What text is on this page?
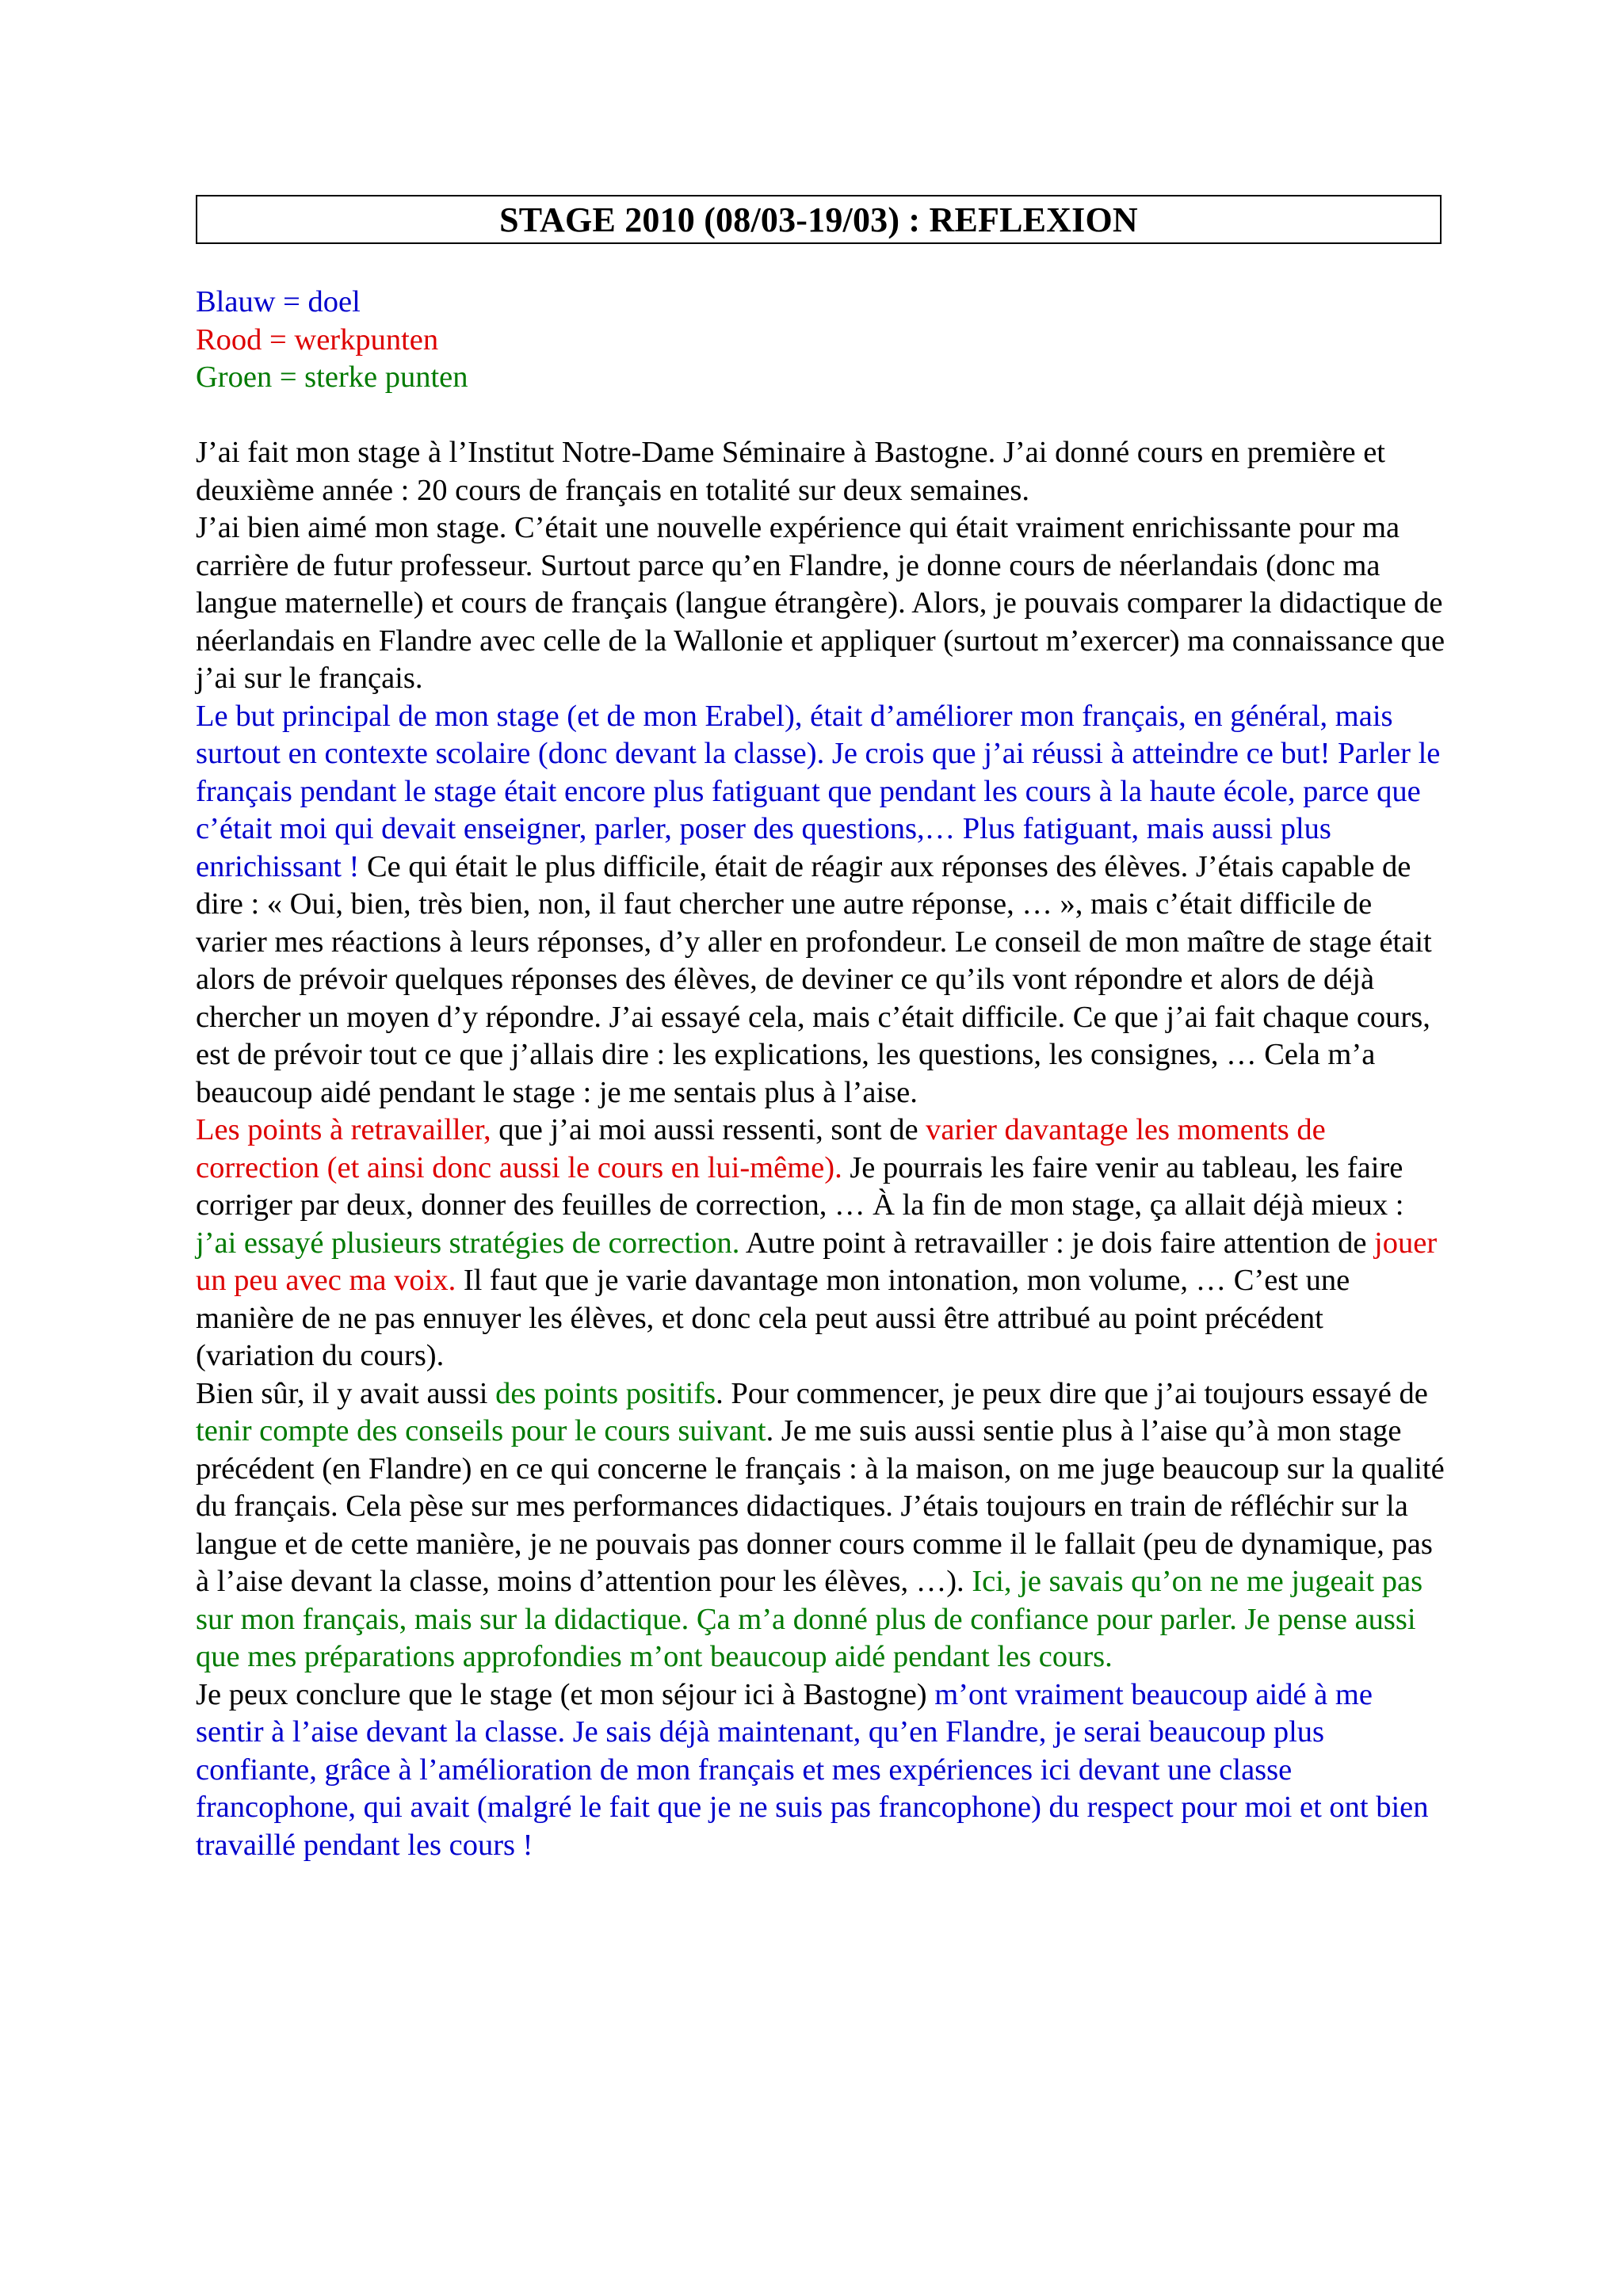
STAGE 2010 (08/03-19/03) : REFLEXION
Blauw = doel
Rood = werkpunten
Groen = sterke punten

J’ai fait mon stage à l’Institut Notre-Dame Séminaire à Bastogne. J’ai donné cours en première et deuxième année : 20 cours de français en totalité sur deux semaines.

J’ai bien aimé mon stage. C’était une nouvelle expérience qui était vraiment enrichissante pour ma carrière de futur professeur. Surtout parce qu’en Flandre, je donne cours de néerlandais (donc ma langue maternelle) et cours de français (langue étrangère). Alors, je pouvais comparer la didactique de néerlandais en Flandre avec celle de la Wallonie et appliquer (surtout m’exercer) ma connaissance que j’ai sur le français.

Le but principal de mon stage (et de mon Erabel), était d’améliorer mon français, en général, mais surtout en contexte scolaire (donc devant la classe). Je crois que j’ai réussi à atteindre ce but! Parler le français pendant le stage était encore plus fatiguant que pendant les cours à la haute école, parce que c’était moi qui devait enseigner, parler, poser des questions,… Plus fatiguant, mais aussi plus enrichissant ! Ce qui était le plus difficile, était de réagir aux réponses des élèves. J’étais capable de dire : « Oui, bien, très bien, non, il faut chercher une autre réponse, … », mais c’était difficile de varier mes réactions à leurs réponses, d’y aller en profondeur. Le conseil de mon maître de stage était alors de prévoir quelques réponses des élèves, de deviner ce qu’ils vont répondre et alors de déjà chercher un moyen d’y répondre. J’ai essayé cela, mais c’était difficile. Ce que j’ai fait chaque cours, est de prévoir tout ce que j’allais dire : les explications, les questions, les consignes, … Cela m’a beaucoup aidé pendant le stage : je me sentais plus à l’aise.

Les points à retravailler, que j’ai moi aussi ressenti, sont de varier davantage les moments de correction (et ainsi donc aussi le cours en lui-même). Je pourrais les faire venir au tableau, les faire corriger par deux, donner des feuilles de correction, … À la fin de mon stage, ça allait déjà mieux : j’ai essayé plusieurs stratégies de correction. Autre point à retravailler : je dois faire attention de jouer un peu avec ma voix. Il faut que je varie davantage mon intonation, mon volume, … C’est une manière de ne pas ennuyer les élèves, et donc cela peut aussi être attribué au point précédent (variation du cours).

Bien sûr, il y avait aussi des points positifs. Pour commencer, je peux dire que j’ai toujours essayé de tenir compte des conseils pour le cours suivant. Je me suis aussi sentie plus à l’aise qu’à mon stage précédent (en Flandre) en ce qui concerne le français : à la maison, on me juge beaucoup sur la qualité du français. Cela pèse sur mes performances didactiques. J’étais toujours en train de réfléchir sur la langue et de cette manière, je ne pouvais pas donner cours comme il le fallait (peu de dynamique, pas à l’aise devant la classe, moins d’attention pour les élèves, …). Ici, je savais qu’on ne me jugeait pas sur mon français, mais sur la didactique. Ça m’a donné plus de confiance pour parler. Je pense aussi que mes préparations approfondies m’ont beaucoup aidé pendant les cours.

Je peux conclure que le stage (et mon séjour ici à Bastogne) m’ont vraiment beaucoup aidé à me sentir à l’aise devant la classe. Je sais déjà maintenant, qu’en Flandre, je serai beaucoup plus confiante, grâce à l’amélioration de mon français et mes expériences ici devant une classe francophone, qui avait (malgré le fait que je ne suis pas francophone) du respect pour moi et ont bien travaillé pendant les cours !
